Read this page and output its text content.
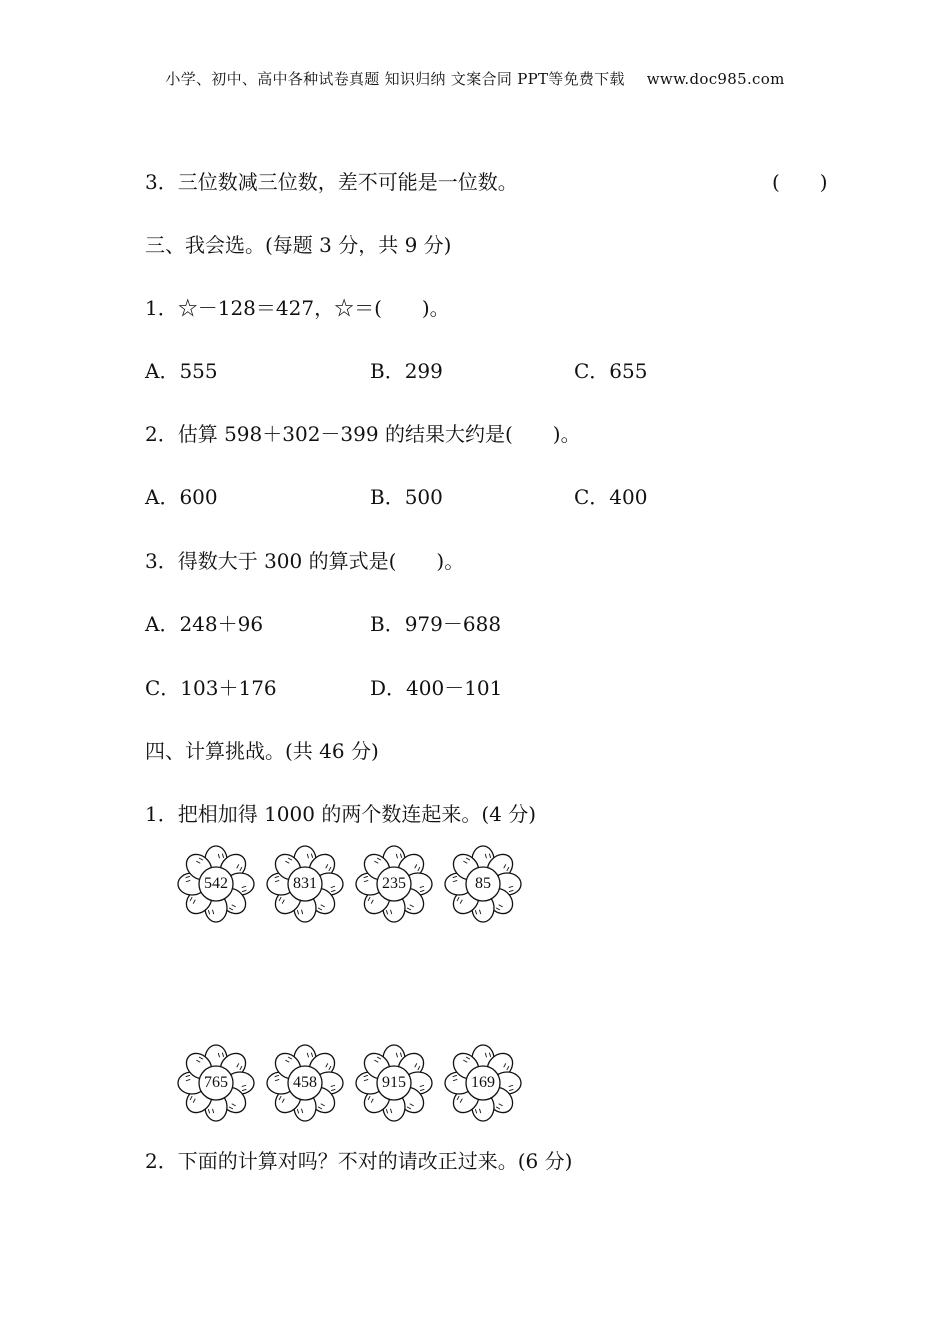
小学、初中、高中各种试卷真题 知识归纳 文案合同 PPT等免费下载 www.doc985.com
3．三位数减三位数，差不可能是一位数。	(　　)
三、我会选。(每题 3 分，共 9 分)
1．☆－128＝427，☆＝(　　)。
A．555	B．299	C．655
2．估算 598＋302－399 的结果大约是(　　)。
A．600	B．500	C．400
3．得数大于 300 的算式是(　　)。
A．248＋96	B．979－688
C．103＋176	D．400－101
四、计算挑战。(共 46 分)
1．把相加得 1000 的两个数连起来。(4 分)
542	831	235	85
765	458	915	169
2．下面的计算对吗？不对的请改正过来。(6 分)
